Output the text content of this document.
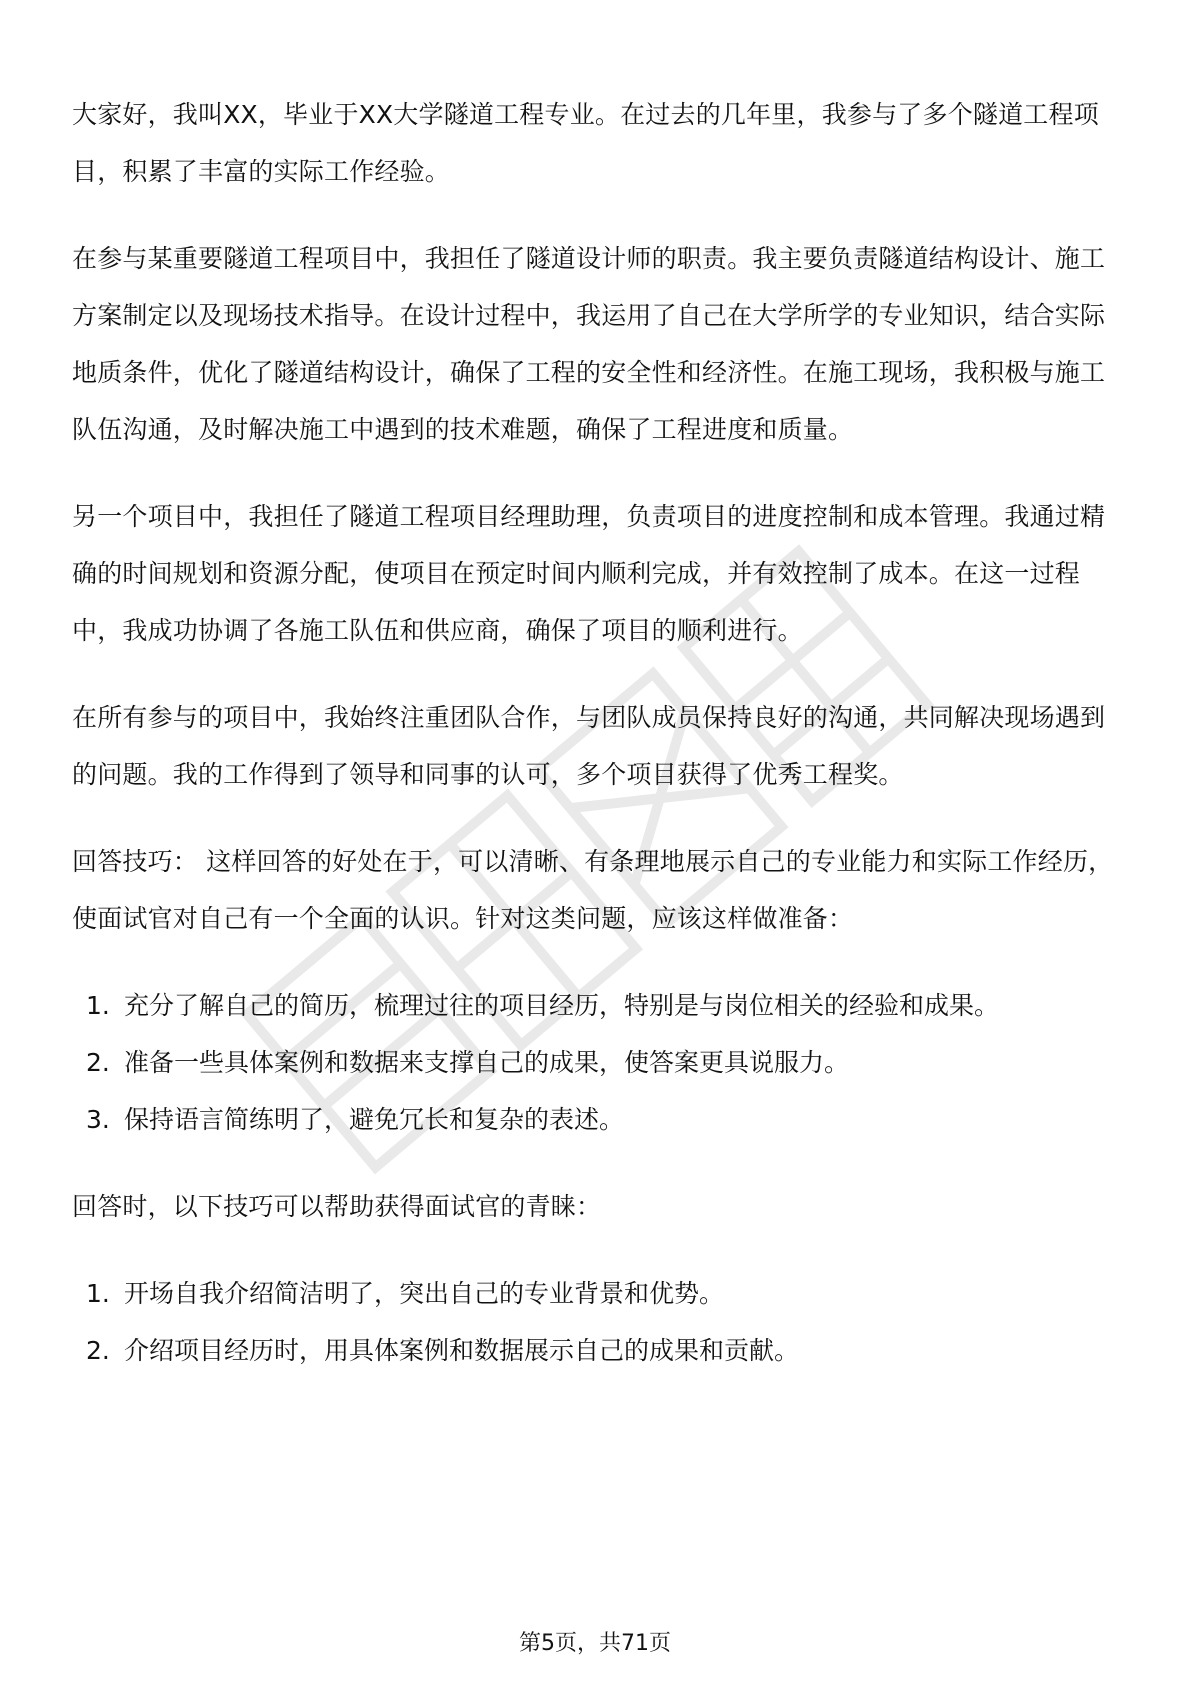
大家好，我叫XX，毕业于XX大学隧道工程专业。在过去的几年里，我参与了多个隧道工程项目，积累了丰富的实际工作经验。

在参与某重要隧道工程项目中，我担任了隧道设计师的职责。我主要负责隧道结构设计、施工方案制定以及现场技术指导。在设计过程中，我运用了自己在大学所学的专业知识，结合实际地质条件，优化了隧道结构设计，确保了工程的安全性和经济性。在施工现场，我积极与施工队伍沟通，及时解决施工中遇到的技术难题，确保了工程进度和质量。

另一个项目中，我担任了隧道工程项目经理助理，负责项目的进度控制和成本管理。我通过精确的时间规划和资源分配，使项目在预定时间内顺利完成，并有效控制了成本。在这一过程中，我成功协调了各施工队伍和供应商，确保了项目的顺利进行。

在所有参与的项目中，我始终注重团队合作，与团队成员保持良好的沟通，共同解决现场遇到的问题。我的工作得到了领导和同事的认可，多个项目获得了优秀工程奖。

回答技巧： 这样回答的好处在于，可以清晰、有条理地展示自己的专业能力和实际工作经历，使面试官对自己有一个全面的认识。针对这类问题，应该这样做准备：

1. 充分了解自己的简历，梳理过往的项目经历，特别是与岗位相关的经验和成果。
2. 准备一些具体案例和数据来支撑自己的成果，使答案更具说服力。
3. 保持语言简练明了，避免冗长和复杂的表述。

回答时，以下技巧可以帮助获得面试官的青睐：

1. 开场自我介绍简洁明了，突出自己的专业背景和优势。
2. 介绍项目经历时，用具体案例和数据展示自己的成果和贡献。
第5页，共71页
